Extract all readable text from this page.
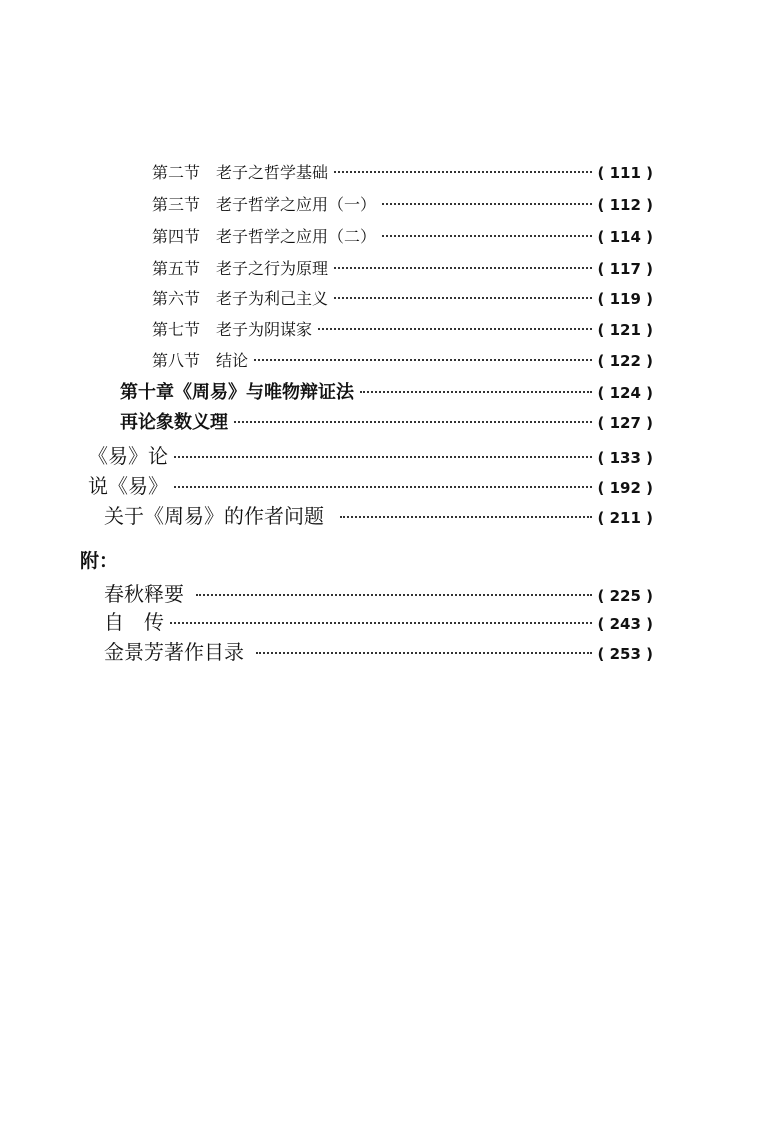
第二节 老子之哲学基础	( 111 )
第三节 老子哲学之应用（一）	( 112 )
第四节 老子哲学之应用（二）	( 114 )
第五节 老子之行为原理	( 117 )
第六节 老子为利己主义	( 119 )
第七节 老子为阴谋家	( 121 )
第八节 结论	( 122 )
第十章《周易》与唯物辩证法	( 124 )
再论象数义理	( 127 )
《易》论	( 133 )
说《易》	( 192 )
关于《周易》的作者问题	( 211 )
附：
春秋释要	( 225 )
自　传	( 243 )
金景芳著作目录	( 253 )
